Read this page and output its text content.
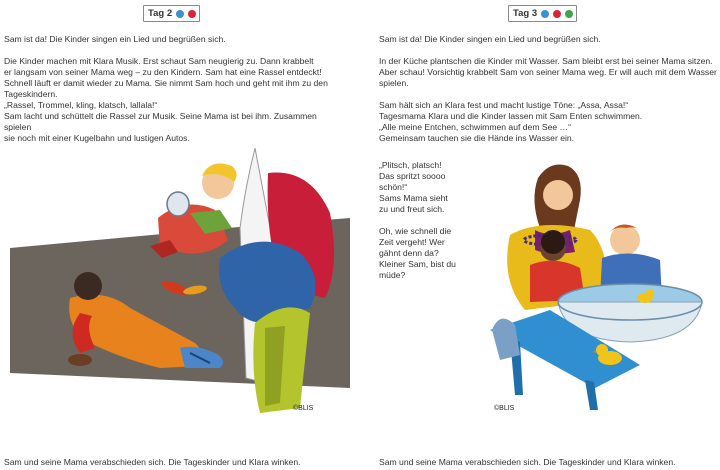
Tag 2

Sam ist da! Die Kinder singen ein Lied und begrüßen sich.

Die Kinder machen mit Klara Musik. Erst schaut Sam neugierig zu. Dann krabbelt

er langsam von seiner Mama weg – zu den Kindern. Sam hat eine Rassel entdeckt!

Schnell läuft er damit wieder zu Mama. Sie nimmt Sam hoch und geht mit ihm zu den

Tageskindern.

„Rassel, Trommel, kling, klatsch, lallala!“

Sam lacht und schüttelt die Rassel zur Musik. Seine Mama ist bei ihm. Zusammen spielen

sie noch mit einer Kugelbahn und lustigen Autos.

©BLIS
Sam und seine Mama verabschieden sich. Die Tageskinder und Klara winken.
Tag 3

Sam ist da! Die Kinder singen ein Lied und begrüßen sich.

In der Küche plantschen die Kinder mit Wasser. Sam bleibt erst bei seiner Mama sitzen.

Aber schau! Vorsichtig krabbelt Sam von seiner Mama weg. Er will auch mit dem Wasser

spielen.

Sam hält sich an Klara fest und macht lustige Töne: „Assa, Assa!“

Tagesmama Klara und die Kinder lassen mit Sam Enten schwimmen.

„Alle meine Entchen, schwimmen auf dem See …“

Gemeinsam tauchen sie die Hände ins Wasser ein.

„Plitsch, platsch!

Das spritzt soooo

schön!“

Sams Mama sieht

zu und freut sich.

Oh, wie schnell die

Zeit vergeht! Wer

gähnt denn da?

Kleiner Sam, bist du

müde?

©BLIS
Sam und seine Mama verabschieden sich. Die Tageskinder und Klara winken.
